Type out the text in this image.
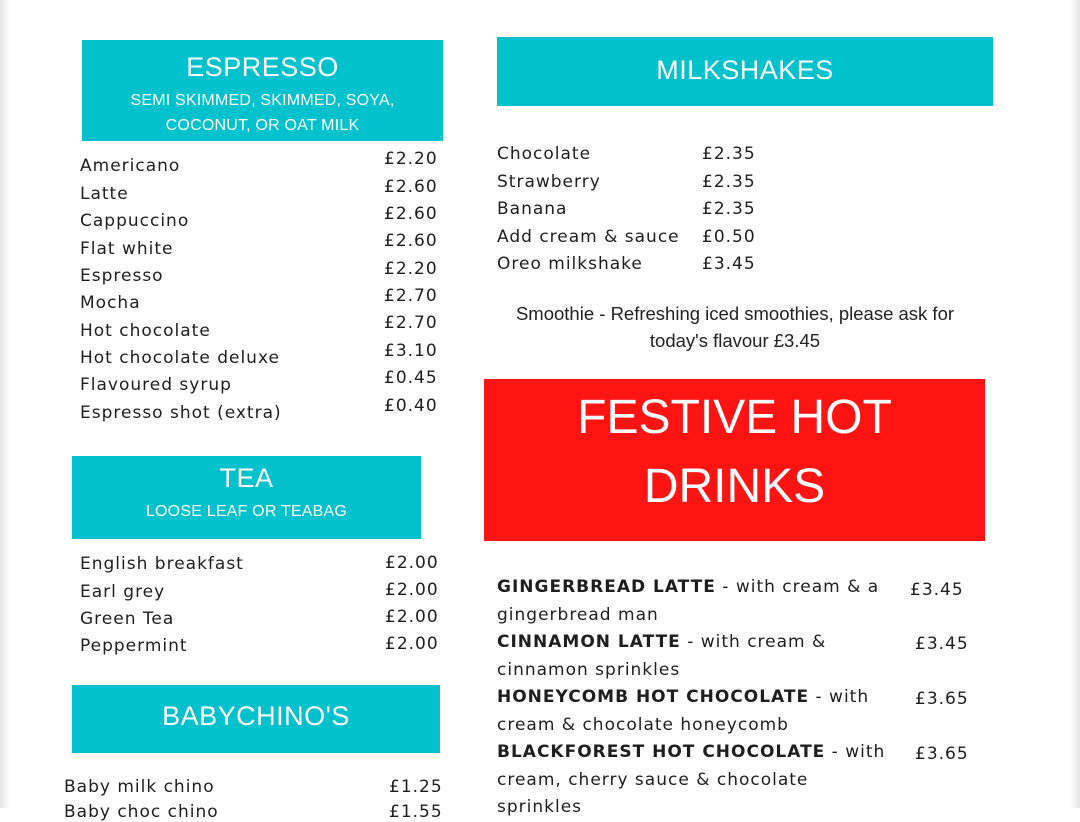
ESPRESSO
SEMI SKIMMED, SKIMMED, SOYA,
COCONUT, OR OAT MILK
Americano	£2.20
Latte	£2.60
Cappuccino	£2.60
Flat white	£2.60
Espresso	£2.20
Mocha	£2.70
Hot chocolate	£2.70
Hot chocolate deluxe	£3.10
Flavoured syrup	£0.45
Espresso shot (extra)	£0.40
TEA
LOOSE LEAF OR TEABAG
English breakfast	£2.00
Earl grey	£2.00
Green Tea	£2.00
Peppermint	£2.00
BABYCHINO'S
Baby milk chino	£1.25
Baby choc chino	£1.55
MILKSHAKES
Chocolate	£2.35
Strawberry	£2.35
Banana	£2.35
Add cream & sauce £0.50
Oreo milkshake	£3.45
Smoothie - Refreshing iced smoothies, please ask for
today's flavour £3.45
FESTIVE HOT
DRINKS
GINGERBREAD LATTE - with cream & a gingerbread man
£3.45
CINNAMON LATTE - with cream & cinnamon sprinkles
£3.45
HONEYCOMB HOT CHOCOLATE - with cream & chocolate honeycomb
£3.65
BLACKFOREST HOT CHOCOLATE - with cream, cherry sauce & chocolate sprinkles
£3.65
